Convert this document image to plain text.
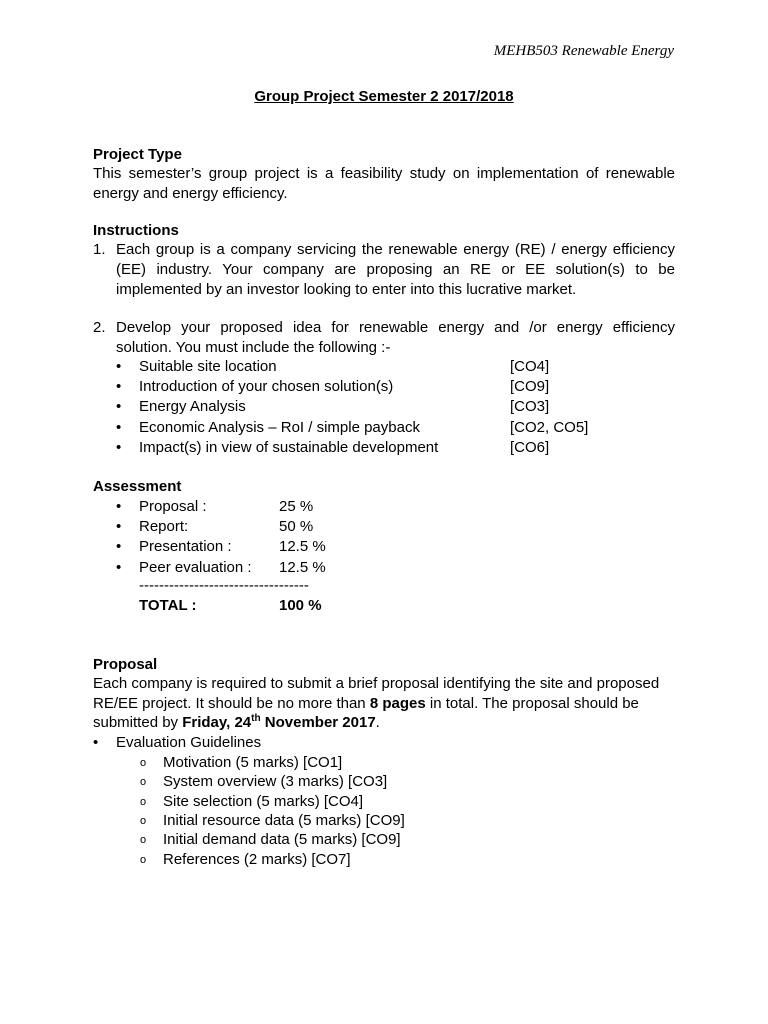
MEHB503 Renewable Energy
Group Project Semester 2 2017/2018
Project Type
This semester’s group project is a feasibility study on implementation of renewable energy and energy efficiency.
Instructions
1. Each group is a company servicing the renewable energy (RE) / energy efficiency (EE) industry. Your company are proposing an RE or EE solution(s) to be implemented by an investor looking to enter into this lucrative market.
2. Develop your proposed idea for renewable energy and /or energy efficiency solution. You must include the following :-
• Suitable site location	[CO4]
• Introduction of your chosen solution(s)	[CO9]
• Energy Analysis	[CO3]
• Economic Analysis – RoI / simple payback	[CO2, CO5]
• Impact(s) in view of sustainable development	[CO6]
Assessment
• Proposal :	25 %
• Report:	50 %
• Presentation :	12.5 %
• Peer evaluation : 12.5 %
----------------------------------
TOTAL :	100 %
Proposal
Each company is required to submit a brief proposal identifying the site and proposed
RE/EE project. It should be no more than 8 pages in total. The proposal should be
submitted by Friday, 24th November 2017.
• Evaluation Guidelines
o Motivation (5 marks) [CO1]
o System overview (3 marks) [CO3]
o Site selection (5 marks) [CO4]
o Initial resource data (5 marks) [CO9]
o Initial demand data (5 marks) [CO9]
o References (2 marks) [CO7]
